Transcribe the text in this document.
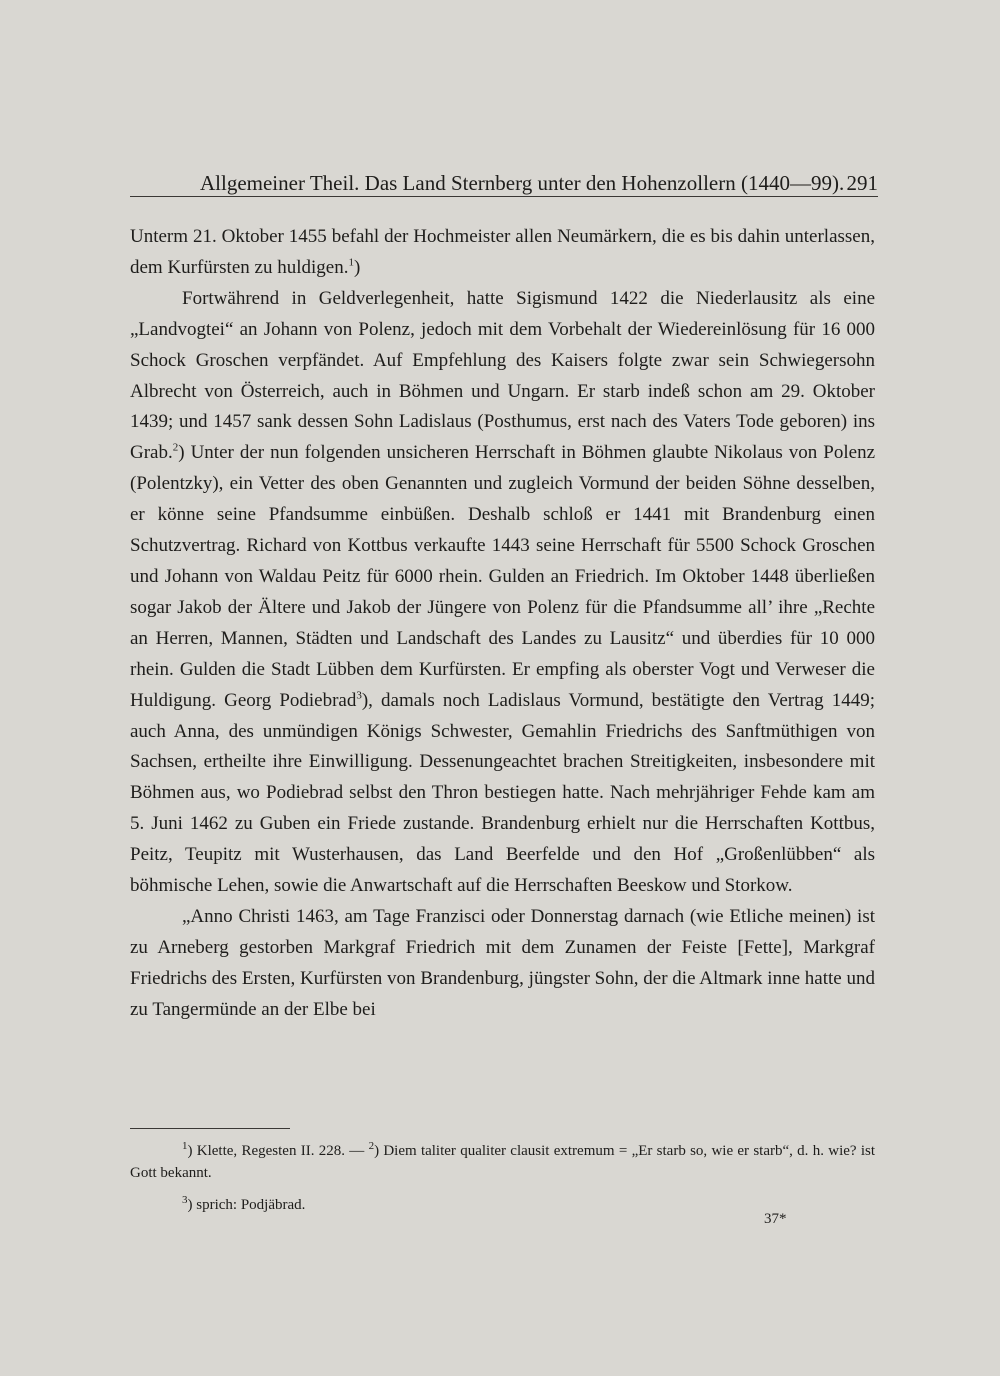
Allgemeiner Theil. Das Land Sternberg unter den Hohenzollern (1440—99). 291

Unterm 21. Oktober 1455 befahl der Hochmeister allen Neumärkern, die es bis dahin unterlassen, dem Kurfürsten zu huldigen.$^1$)

Fortwährend in Geldverlegenheit, hatte Sigismund 1422 die Niederlausitz als eine „Landvogtei“ an Johann von Polenz, jedoch mit dem Vorbehalt der Wiedereinlösung für 16 000 Schock Groschen verpfändet. Auf Empfehlung des Kaisers folgte zwar sein Schwiegersohn Albrecht von Österreich, auch in Böhmen und Ungarn. Er starb indeß schon am 29. Oktober 1439; und 1457 sank dessen Sohn Ladislaus (Posthumus, erst nach des Vaters Tode geboren) ins Grab.$^2$) Unter der nun folgenden unsicheren Herrschaft in Böhmen glaubte Nikolaus von Polenz (Polentzky), ein Vetter des oben Genannten und zugleich Vormund der beiden Söhne desselben, er könne seine Pfandsumme einbüßen. Deshalb schloß er 1441 mit Brandenburg einen Schutzvertrag. Richard von Kottbus verkaufte 1443 seine Herrschaft für 5500 Schock Groschen und Johann von Waldau Peitz für 6000 rhein. Gulden an Friedrich. Im Oktober 1448 überließen sogar Jakob der Ältere und Jakob der Jüngere von Polenz für die Pfandsumme all’ ihre „Rechte an Herren, Mannen, Städten und Landschaft des Landes zu Lausitz“ und überdies für 10 000 rhein. Gulden die Stadt Lübben dem Kurfürsten. Er empfing als oberster Vogt und Verweser die Huldigung. Georg Podiebrad$^3$), damals noch Ladislaus Vormund, bestätigte den Vertrag 1449; auch Anna, des unmündigen Königs Schwester, Gemahlin Friedrichs des Sanftmüthigen von Sachsen, ertheilte ihre Einwilligung. Dessenungeachtet brachen Streitigkeiten, insbesondere mit Böhmen aus, wo Podiebrad selbst den Thron bestiegen hatte. Nach mehrjähriger Fehde kam am 5. Juni 1462 zu Guben ein Friede zustande. Brandenburg erhielt nur die Herrschaften Kottbus, Peitz, Teupitz mit Wusterhausen, das Land Beerfelde und den Hof „Großenlübben“ als böhmische Lehen, sowie die Anwartschaft auf die Herrschaften Beeskow und Storkow.

„Anno Christi 1463, am Tage Franzisci oder Donnerstag darnach (wie Etliche meinen) ist zu Arneberg gestorben Markgraf Friedrich mit dem Zunamen der Feiste [Fette], Markgraf Friedrichs des Ersten, Kurfürsten von Brandenburg, jüngster Sohn, der die Altmark inne hatte und zu Tangermünde an der Elbe bei

$^1$) Klette, Regesten II. 228. — $^2$) Diem taliter qualiter clausit extremum = „Er starb so, wie er starb“, d. h. wie? ist Gott bekannt.

$^3$) sprich: Podjäbrad.

37*
